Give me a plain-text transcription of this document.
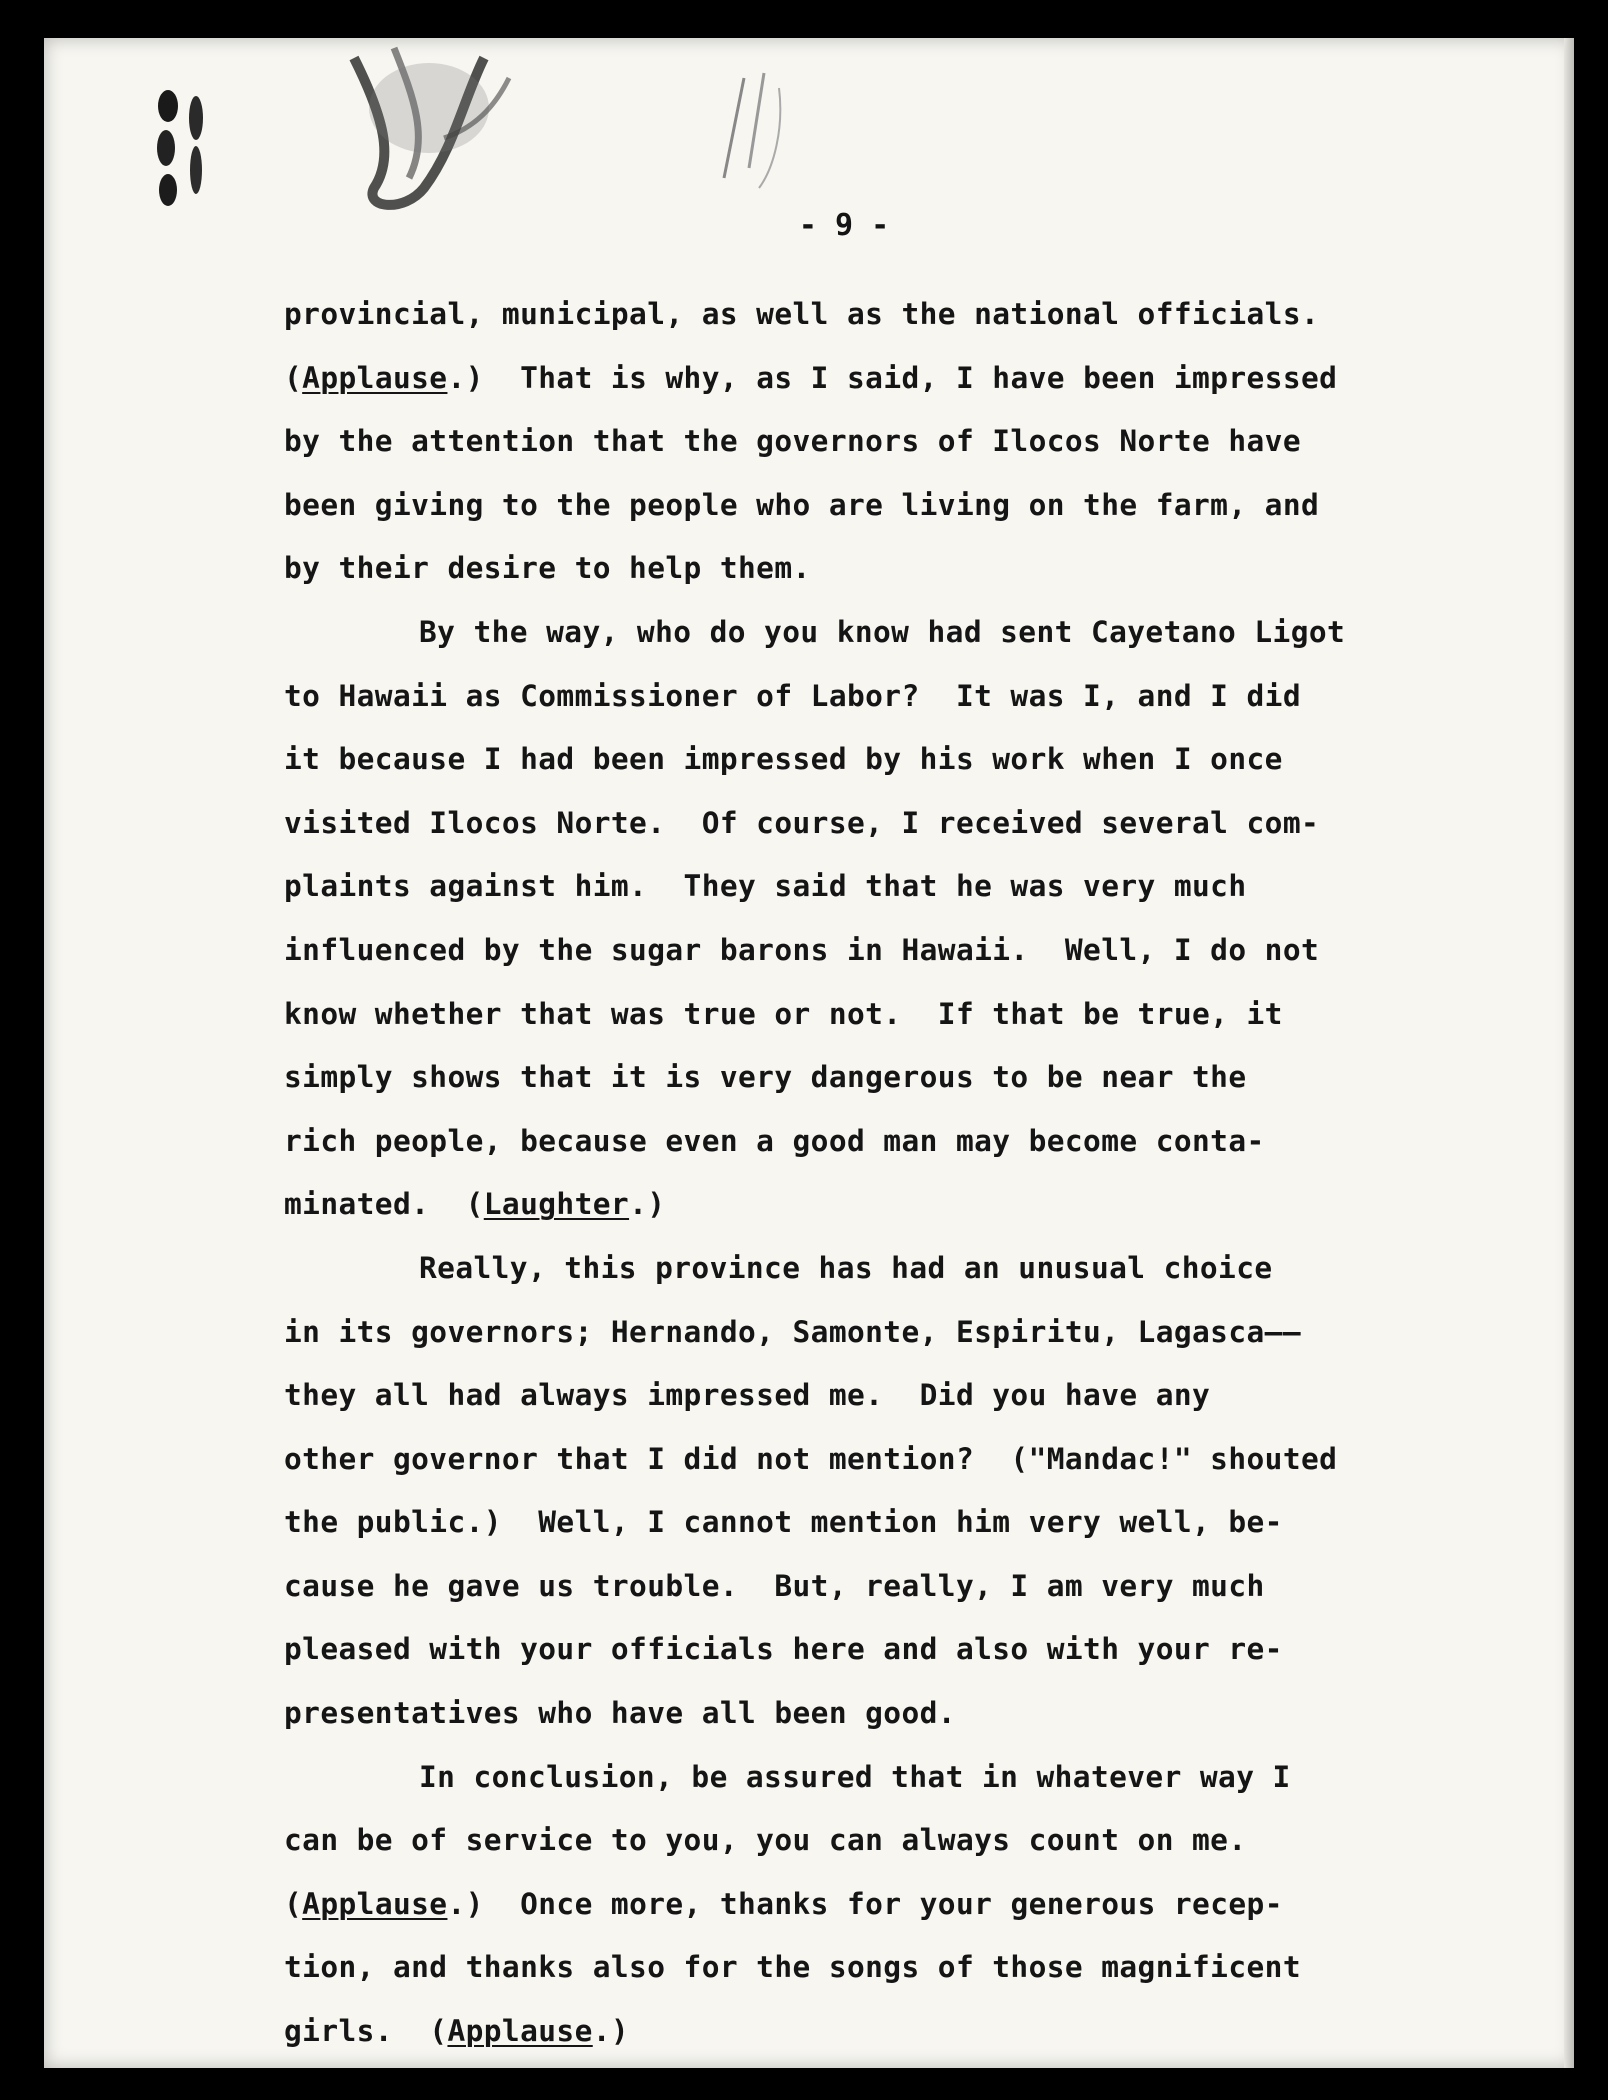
- 9 -
provincial, municipal, as well as the national officials.
(Applause.)  That is why, as I said, I have been impressed
by the attention that the governors of Ilocos Norte have
been giving to the people who are living on the farm, and
by their desire to help them.
By the way, who do you know had sent Cayetano Ligot
to Hawaii as Commissioner of Labor?  It was I, and I did
it because I had been impressed by his work when I once
visited Ilocos Norte.  Of course, I received several com-
plaints against him.  They said that he was very much
influenced by the sugar barons in Hawaii.  Well, I do not
know whether that was true or not.  If that be true, it
simply shows that it is very dangerous to be near the
rich people, because even a good man may become conta-
minated.  (Laughter.)
Really, this province has had an unusual choice
in its governors; Hernando, Samonte, Espiritu, Lagasca——
they all had always impressed me.  Did you have any
other governor that I did not mention?  ("Mandac!" shouted
the public.)  Well, I cannot mention him very well, be-
cause he gave us trouble.  But, really, I am very much
pleased with your officials here and also with your re-
presentatives who have all been good.
In conclusion, be assured that in whatever way I
can be of service to you, you can always count on me.
(Applause.)  Once more, thanks for your generous recep-
tion, and thanks also for the songs of those magnificent
girls.  (Applause.)
